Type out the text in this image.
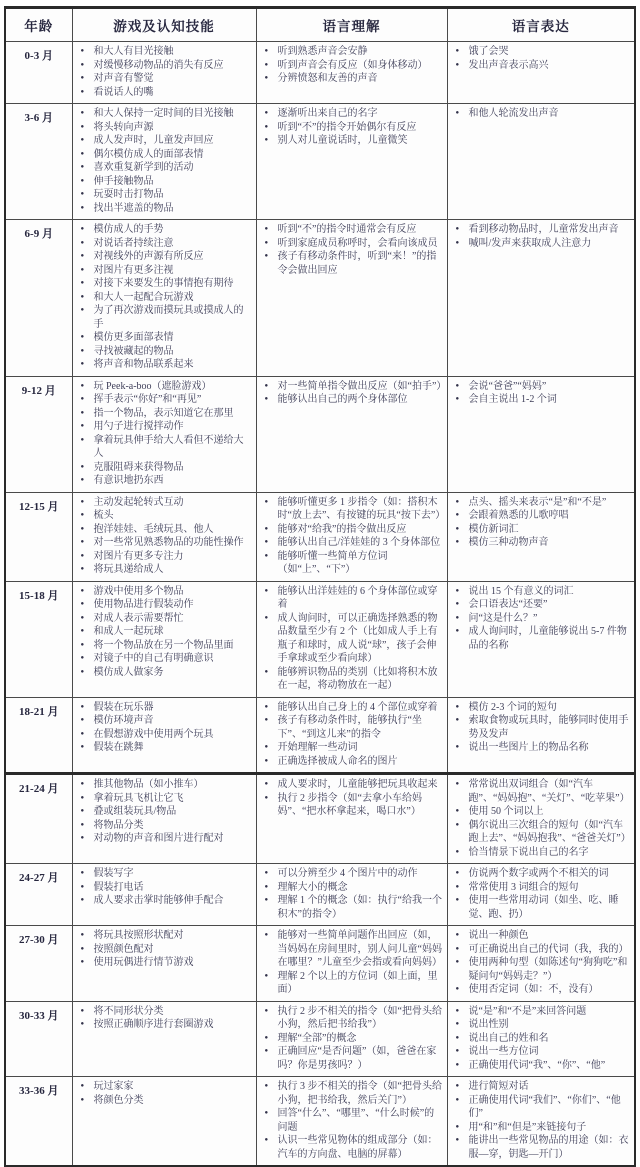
年龄	游戏及认知技能	语言理解	语言表达
0-3 月	● 和大人有目光接触
● 对缓慢移动物品的消失有反应
● 对声音有警觉
● 看说话人的嘴

● 听到熟悉声音会安静
● 听到声音会有反应（如身体移动）
● 分辨愤怒和友善的声音

● 饿了会哭
● 发出声音表示高兴

3-6 月	● 和大人保持一定时间的目光接触
● 将头转向声源
● 成人发声时，儿童发声回应
● 偶尔模仿成人的面部表情
● 喜欢重复新学到的活动
● 伸手接触物品
● 玩耍时击打物品
● 找出半遮盖的物品

● 逐渐听出来自己的名字
● 听到“不”的指令开始偶尔有反应
● 别人对儿童说话时，儿童微笑

● 和他人轮流发出声音

6-9 月	● 模仿成人的手势
● 对说话者持续注意
● 对视线外的声源有所反应
● 对图片有更多注视
● 对接下来要发生的事情抱有期待
● 和大人一起配合玩游戏
● 为了再次游戏而摸玩具或摸成人的手
● 模仿更多面部表情
● 寻找被藏起的物品
● 将声音和物品联系起来

● 听到“不”的指令时通常会有反应
● 听到家庭成员称呼时，会看向该成员
● 孩子有移动条件时，听到“来！”的指令会做出回应

● 看到移动物品时，儿童常发出声音
● 喊叫/发声来获取成人注意力

9-12 月	● 玩 Peek-a-boo（遮脸游戏）
● 挥手表示“你好”和“再见”
● 指一个物品，表示知道它在那里
● 用勺子进行搅拌动作
● 拿着玩具伸手给大人看但不递给大人
● 克服阻碍来获得物品
● 有意识地扔东西

● 对一些简单指令做出反应（如“拍手”）
● 能够认出自己的两个身体部位

● 会说“爸爸”“妈妈”
● 会自主说出 1-2 个词

12-15 月	● 主动发起轮转式互动
● 梳头
● 抱洋娃娃、毛绒玩具、他人
● 对一些常见熟悉物品的功能性操作
● 对图片有更多专注力
● 将玩具递给成人

● 能够听懂更多 1 步指令（如：搭积木时“放上去”、有按键的玩具“按下去”）
● 能够对“给我”的指令做出反应
● 能够认出自己/洋娃娃的 3 个身体部位
● 能够听懂一些简单方位词（如“上”、“下”）

● 点头、摇头来表示“是”和“不是”
● 会跟着熟悉的儿歌哼唱
● 模仿新词汇
● 模仿三种动物声音

15-18 月	● 游戏中使用多个物品
● 使用物品进行假装动作
● 对成人表示需要帮忙
● 和成人一起玩球
● 将一个物品放在另一个物品里面
● 对镜子中的自己有明确意识
● 模仿成人做家务

● 能够认出洋娃娃的 6 个身体部位或穿着
● 成人询问时，可以正确选择熟悉的物品数量至少有 2 个（比如成人手上有瓶子和球时，成人说“球”，孩子会伸手拿球或至少看向球）
● 能够辨识物品的类别（比如将积木放在一起，将动物放在一起）

● 说出 15 个有意义的词汇
● 会口语表达“还要”
● 问“这是什么？”
● 成人询问时，儿童能够说出 5-7 件物品的名称

18-21 月	● 假装在玩乐器
● 模仿环境声音
● 在假想游戏中使用两个玩具
● 假装在跳舞

● 能够认出自己身上的 4 个部位或穿着
● 孩子有移动条件时，能够执行“坐下”、“到这儿来”的指令
● 开始理解一些动词
● 正确选择被成人命名的图片

● 模仿 2-3 个词的短句
● 索取食物或玩具时，能够同时使用手势及发声
● 说出一些图片上的物品名称

21-24 月	● 推其他物品（如小推车）
● 拿着玩具飞机让它飞
● 叠或组装玩具/物品
● 将物品分类
● 对动物的声音和图片进行配对

● 成人要求时，儿童能够把玩具收起来
● 执行 2 步指令（如“去拿小车给妈妈”、“把水杯拿起来，喝口水”）

● 常常说出双词组合（如“汽车跑”、“妈妈抱”、“关灯”、“吃苹果”）
● 使用 50 个词以上
● 偶尔说出三次组合的短句（如“汽车跑上去”、“妈妈抱我”、“爸爸关灯”）
● 恰当情景下说出自己的名字

24-27 月	● 假装写字
● 假装打电话
● 成人要求击掌时能够伸手配合

● 可以分辨至少 4 个图片中的动作
● 理解大小的概念
● 理解 1 个的概念（如：执行“给我一个积木”的指令）

● 仿说两个数字或两个不相关的词
● 常常使用 3 词组合的短句
● 使用一些常用动词（如坐、吃、睡觉、跑、扔）

27-30 月	● 将玩具按照形状配对
● 按照颜色配对
● 使用玩偶进行情节游戏

● 能够对一些简单问题作出回应（如，当妈妈在房间里时，别人问儿童“妈妈在哪里？”儿童至少会指或看向妈妈）
● 理解 2 个以上的方位词（如上面，里面）

● 说出一种颜色
● 可正确说出自己的代词（我，我的）
● 使用两种句型（如陈述句“狗狗吃”和疑问句“妈妈走？”）
● 使用否定词（如：不，没有）

30-33 月	● 将不同形状分类
● 按照正确顺序进行套圈游戏

● 执行 2 步不相关的指令（如“把骨头给小狗，然后把书给我”）
● 理解“全部”的概念
● 正确回应“是否问题”（如，爸爸在家吗？你是男孩吗？）

● 说“是”和“不是”来回答问题
● 说出性别
● 说出自己的姓和名
● 说出一些方位词
● 正确使用代词“我”、“你”、“他”

33-36 月	● 玩过家家
● 将颜色分类

● 执行 3 步不相关的指令（如“把骨头给小狗，把书给我，然后关门”）
● 回答“什么”、“哪里”、“什么时候”的问题
● 认识一些常见物体的组成部分（如：汽车的方向盘、电脑的屏幕）

● 进行简短对话
● 正确使用代词“我们”、“你们”、“他们”
● 用“和”和“但是”来链接句子
● 能讲出一些常见物品的用途（如：衣服—穿，钥匙—开门）
